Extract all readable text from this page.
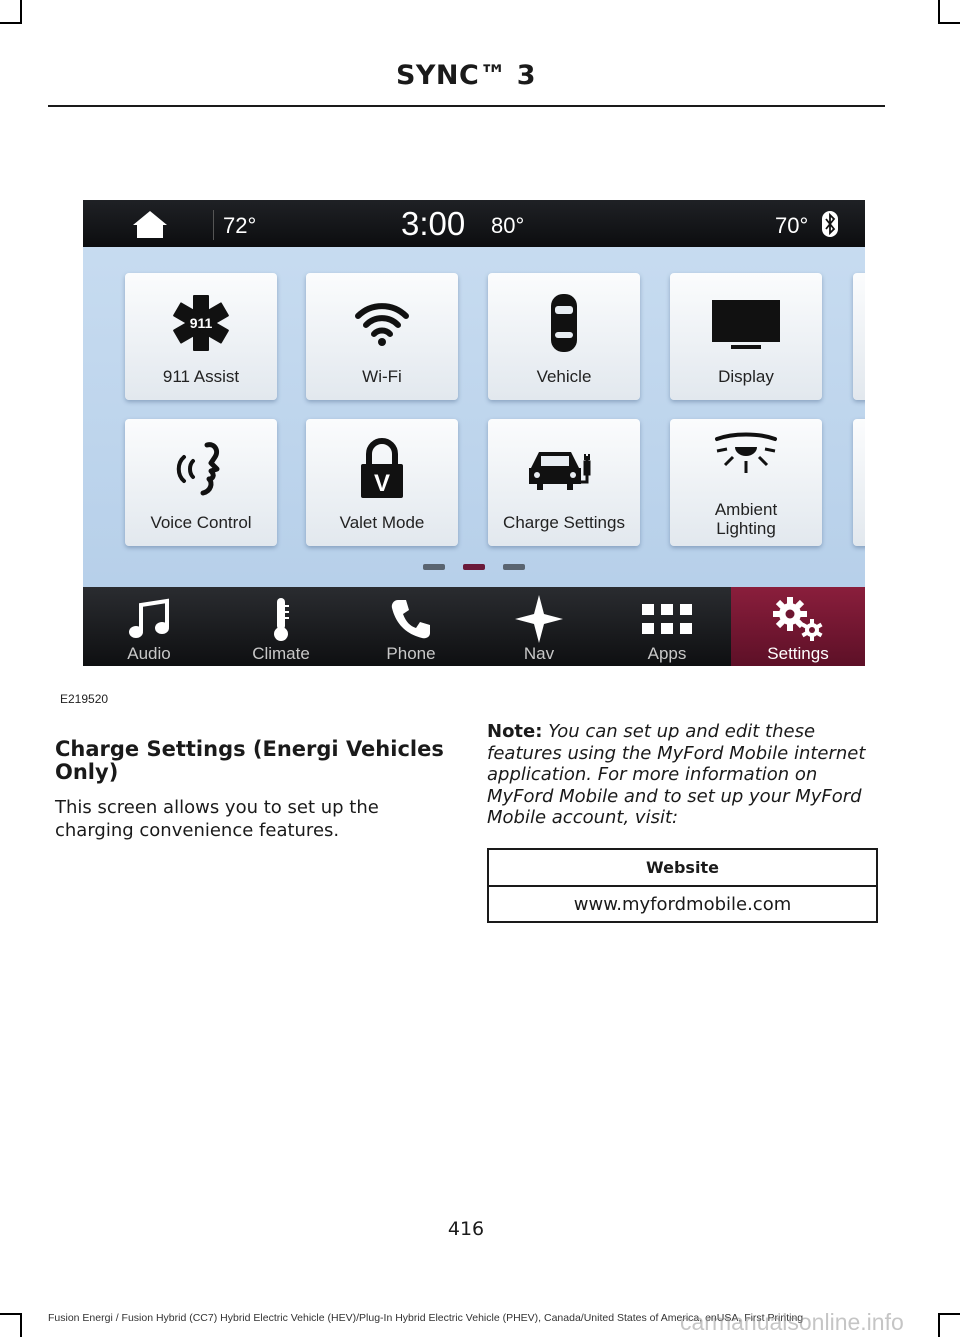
SYNC™ 3
72°	3:00 80°	70°
911
911 Assist	Wi-Fi	Vehicle	Display
Voice Control
V
Valet Mode	Charge Settings
Ambient
Lighting
Audio	Climate	Phone	Nav	Apps	Settings
E219520
Charge Settings (Energi Vehicles Only)
This screen allows you to set up the charging convenience features.
Note: You can set up and edit these features using the MyFord Mobile internet application. For more information on MyFord Mobile and to set up your MyFord Mobile account, visit:
Website
www.myfordmobile.com
416
Fusion Energi / Fusion Hybrid (CC7) Hybrid Electric Vehicle (HEV)/Plug-In Hybrid Electric Vehicle (PHEV), Canada/United States of America, enUSA, First Printing
carmanualsonline.info
